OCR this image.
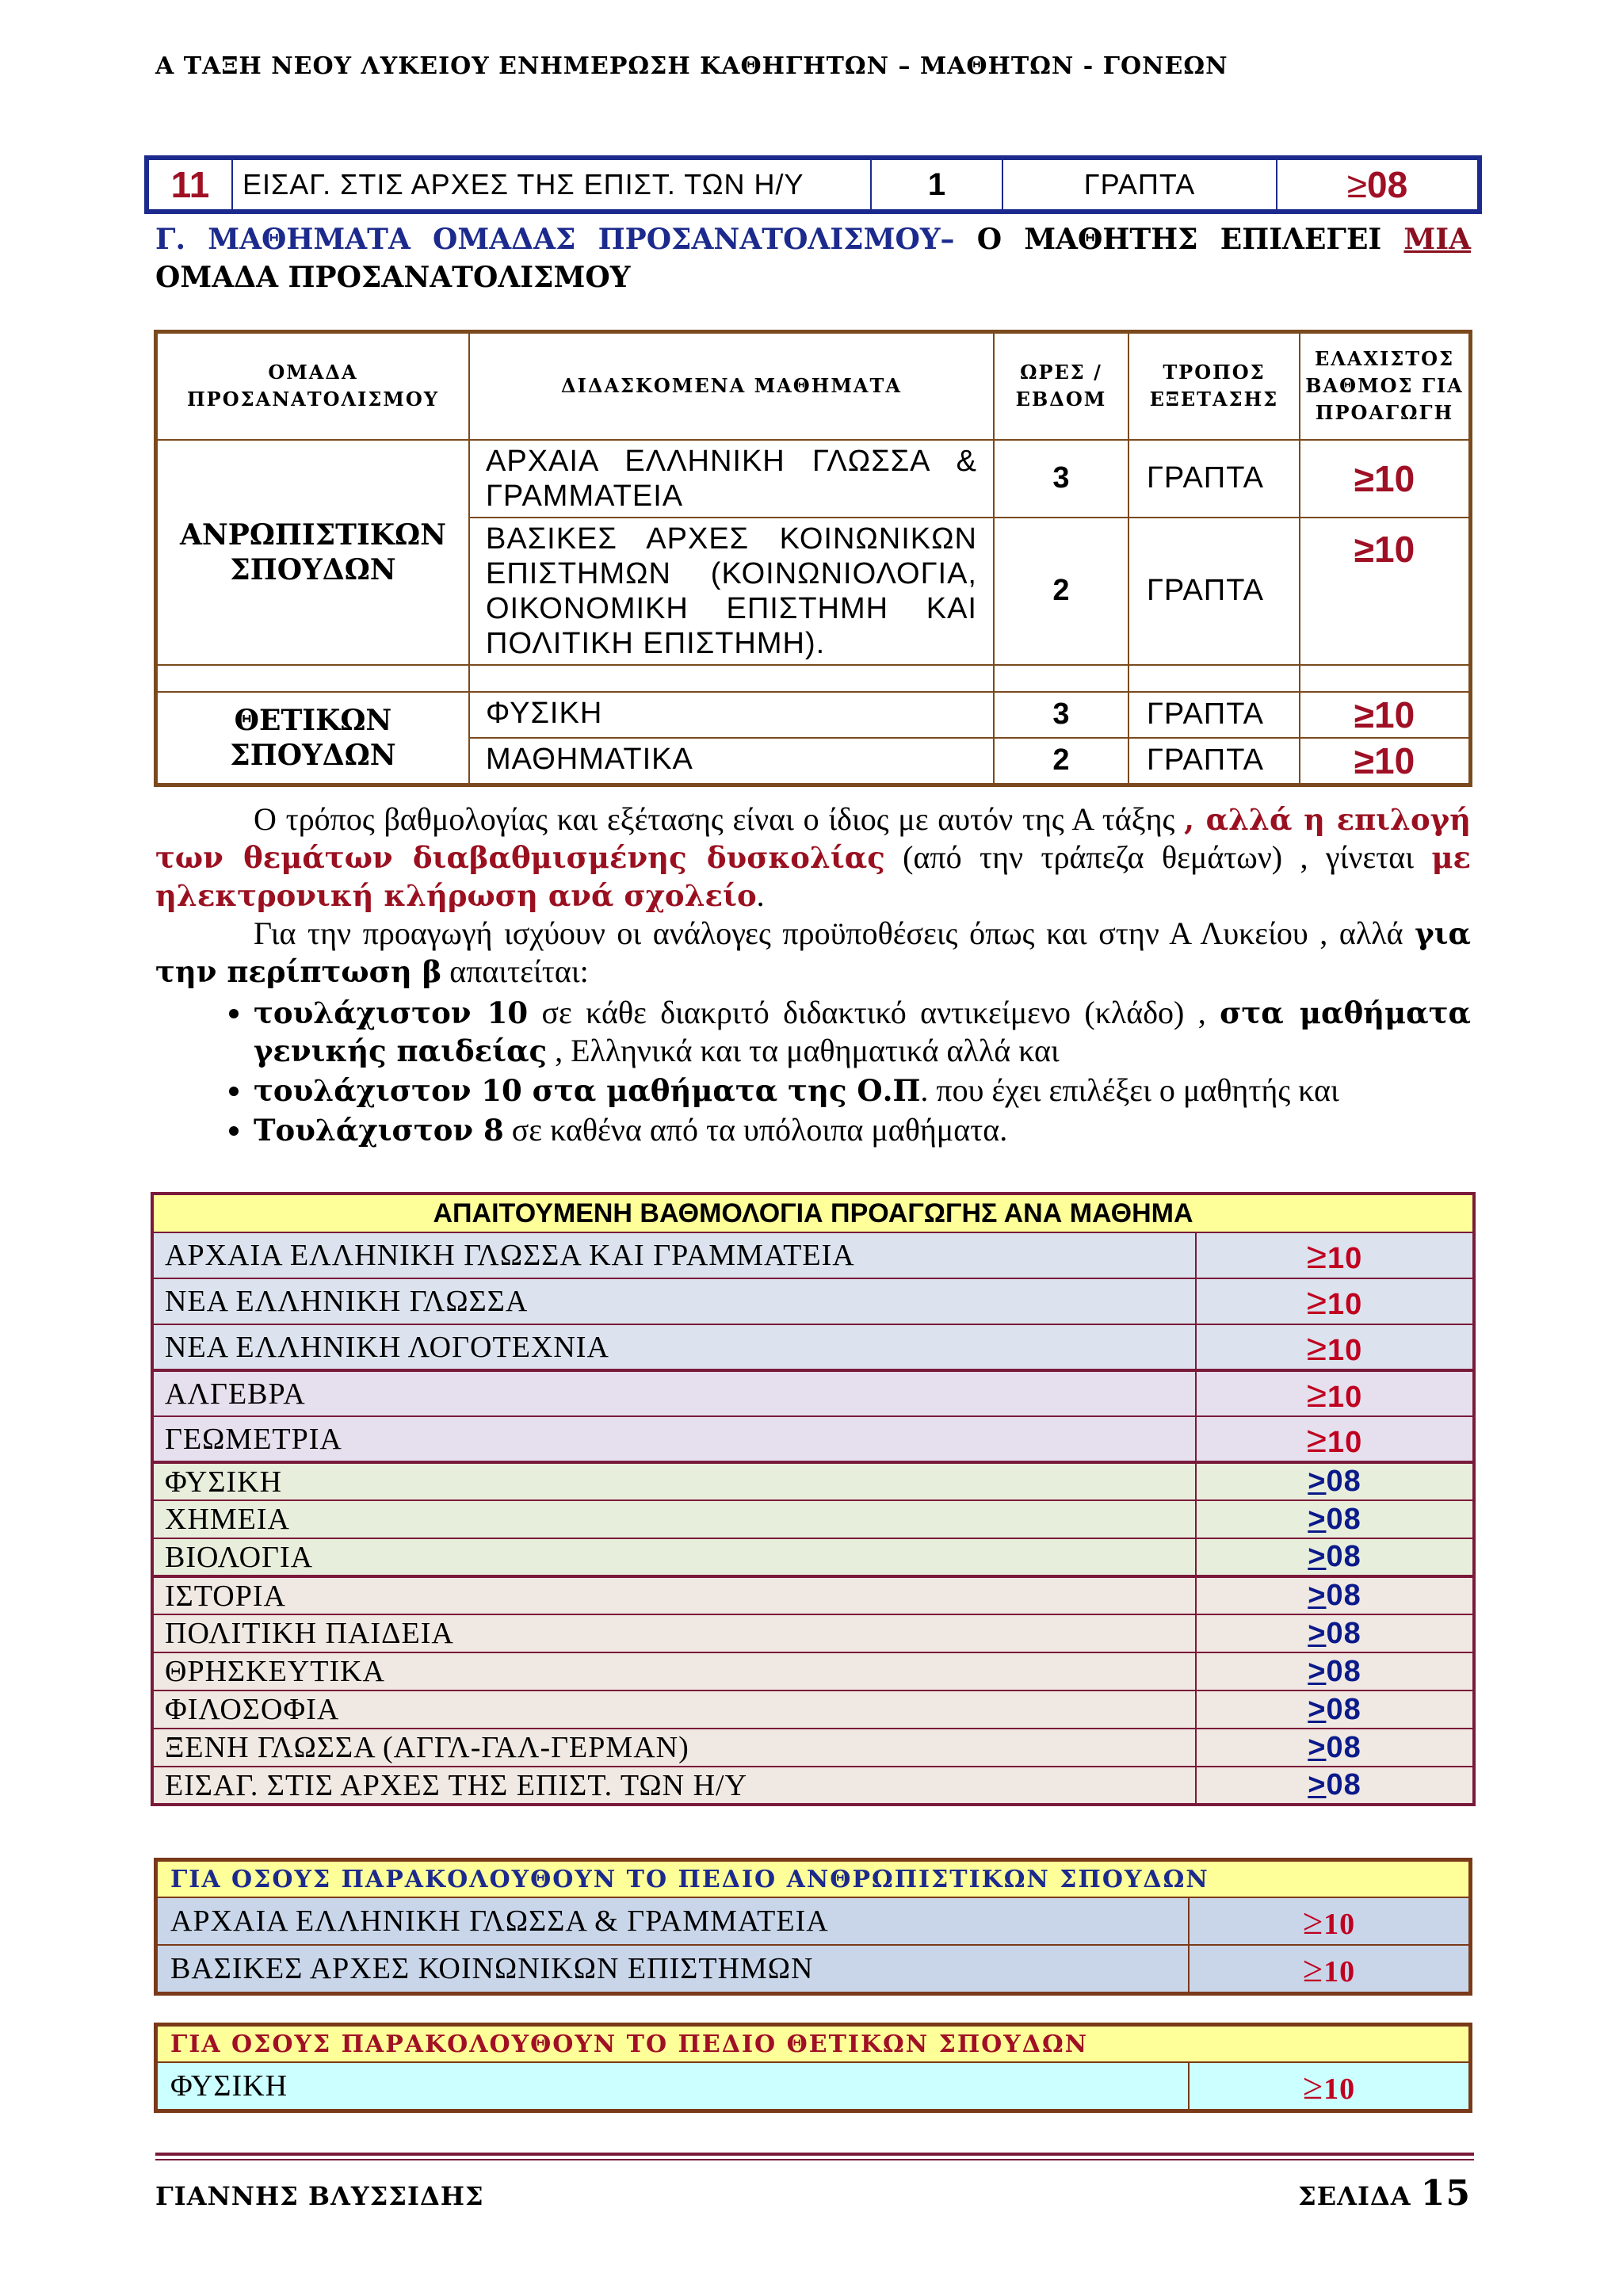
Α ΤΑΞΗ ΝΕΟΥ ΛΥΚΕΙΟΥ ΕΝΗΜΕΡΩΣΗ ΚΑΘΗΓΗΤΩΝ – ΜΑΘΗΤΩΝ - ΓΟΝΕΩΝ
11	ΕΙΣΑΓ. ΣΤΙΣ ΑΡΧΕΣ ΤΗΣ ΕΠΙΣΤ. ΤΩΝ Η/Υ	1	ΓΡΑΠΤΑ	≥08
Γ. ΜΑΘΗΜΑΤΑ ΟΜΑΔΑΣ ΠΡΟΣΑΝΑΤΟΛΙΣΜΟΥ– Ο ΜΑΘΗΤΗΣ ΕΠΙΛΕΓΕΙ ΜΙΑ ΟΜΑΔΑ ΠΡΟΣΑΝΑΤΟΛΙΣΜΟΥ
ΟΜΑΔΑ ΠΡΟΣΑΝΑΤΟΛΙΣΜΟΥ	ΔΙΔΑΣΚΟΜΕΝΑ ΜΑΘΗΜΑΤΑ	ΩΡΕΣ / ΕΒΔΟΜ	ΤΡΟΠΟΣ ΕΞΕΤΑΣΗΣ	ΕΛΑΧΙΣΤΟΣ ΒΑΘΜΟΣ ΓΙΑ ΠΡΟΑΓΩΓΗ
ΑΝΡΩΠΙΣΤΙΚΩΝ ΣΠΟΥΔΩΝ	ΑΡΧΑΙΑ ΕΛΛΗΝΙΚΗ ΓΛΩΣΣΑ & ΓΡΑΜΜΑΤΕΙΑ	3	ΓΡΑΠΤΑ	≥10
	ΒΑΣΙΚΕΣ ΑΡΧΕΣ ΚΟΙΝΩΝΙΚΩΝ ΕΠΙΣΤΗΜΩΝ (ΚΟΙΝΩΝΙΟΛΟΓΙΑ, ΟΙΚΟΝΟΜΙΚΗ ΕΠΙΣΤΗΜΗ ΚΑΙ ΠΟΛΙΤΙΚΗ ΕΠΙΣΤΗΜΗ).	2	ΓΡΑΠΤΑ	≥10

ΘΕΤΙΚΩΝ ΣΠΟΥΔΩΝ	ΦΥΣΙΚΗ	3	ΓΡΑΠΤΑ	≥10
	ΜΑΘΗΜΑΤΙΚΑ	2	ΓΡΑΠΤΑ	≥10

Ο τρόπος βαθμολογίας και εξέτασης είναι ο ίδιος με αυτόν της Α τάξης , αλλά η επιλογή των θεμάτων διαβαθμισμένης δυσκολίας (από την τράπεζα θεμάτων) , γίνεται με ηλεκτρονική κλήρωση ανά σχολείο.

Για την προαγωγή ισχύουν οι ανάλογες προϋποθέσεις όπως και στην Α Λυκείου , αλλά για την περίπτωση β απαιτείται:

• τουλάχιστον 10 σε κάθε διακριτό διδακτικό αντικείμενο (κλάδο) , στα μαθήματα γενικής παιδείας , Ελληνικά και τα μαθηματικά αλλά και
• τουλάχιστον 10 στα μαθήματα της Ο.Π. που έχει επιλέξει ο μαθητής και
• Τουλάχιστον 8 σε καθένα από τα υπόλοιπα μαθήματα.
ΑΠΑΙΤΟΥΜΕΝΗ ΒΑΘΜΟΛΟΓΙΑ ΠΡΟΑΓΩΓΗΣ ΑΝΑ ΜΑΘΗΜΑ	
ΑΡΧΑΙΑ ΕΛΛΗΝΙΚΗ ΓΛΩΣΣΑ ΚΑΙ ΓΡΑΜΜΑΤΕΙΑ	≥10
ΝΕΑ ΕΛΛΗΝΙΚΗ ΓΛΩΣΣΑ	≥10
ΝΕΑ ΕΛΛΗΝΙΚΗ ΛΟΓΟΤΕΧΝΙΑ	≥10
ΑΛΓΕΒΡΑ	≥10
ΓΕΩΜΕΤΡΙΑ	≥10
ΦΥΣΙΚΗ	>08
ΧΗΜΕΙΑ	>08
ΒΙΟΛΟΓΙΑ	>08
ΙΣΤΟΡΙΑ	>08
ΠΟΛΙΤΙΚΗ ΠΑΙΔΕΙΑ	>08
ΘΡΗΣΚΕΥΤΙΚΑ	>08
ΦΙΛΟΣΟΦΙΑ	>08
ΞΕΝΗ ΓΛΩΣΣΑ (ΑΓΓΛ-ΓΑΛ-ΓΕΡΜΑΝ)	>08
ΕΙΣΑΓ. ΣΤΙΣ ΑΡΧΕΣ ΤΗΣ ΕΠΙΣΤ. ΤΩΝ Η/Υ	>08
ΓΙΑ ΟΣΟΥΣ ΠΑΡΑΚΟΛΟΥΘΟΥΝ ΤΟ ΠΕΔΙΟ ΑΝΘΡΩΠΙΣΤΙΚΩΝ ΣΠΟΥΔΩΝ	
ΑΡΧΑΙΑ ΕΛΛΗΝΙΚΗ ΓΛΩΣΣΑ & ΓΡΑΜΜΑΤΕΙΑ	≥10
ΒΑΣΙΚΕΣ ΑΡΧΕΣ ΚΟΙΝΩΝΙΚΩΝ ΕΠΙΣΤΗΜΩΝ	≥10
ΓΙΑ ΟΣΟΥΣ ΠΑΡΑΚΟΛΟΥΘΟΥΝ ΤΟ ΠΕΔΙΟ ΘΕΤΙΚΩΝ ΣΠΟΥΔΩΝ
ΦΥΣΙΚΗ	≥10
ΓΙΑΝΝΗΣ ΒΛΥΣΣΙΔΗΣ	ΣΕΛΙΔΑ 15
